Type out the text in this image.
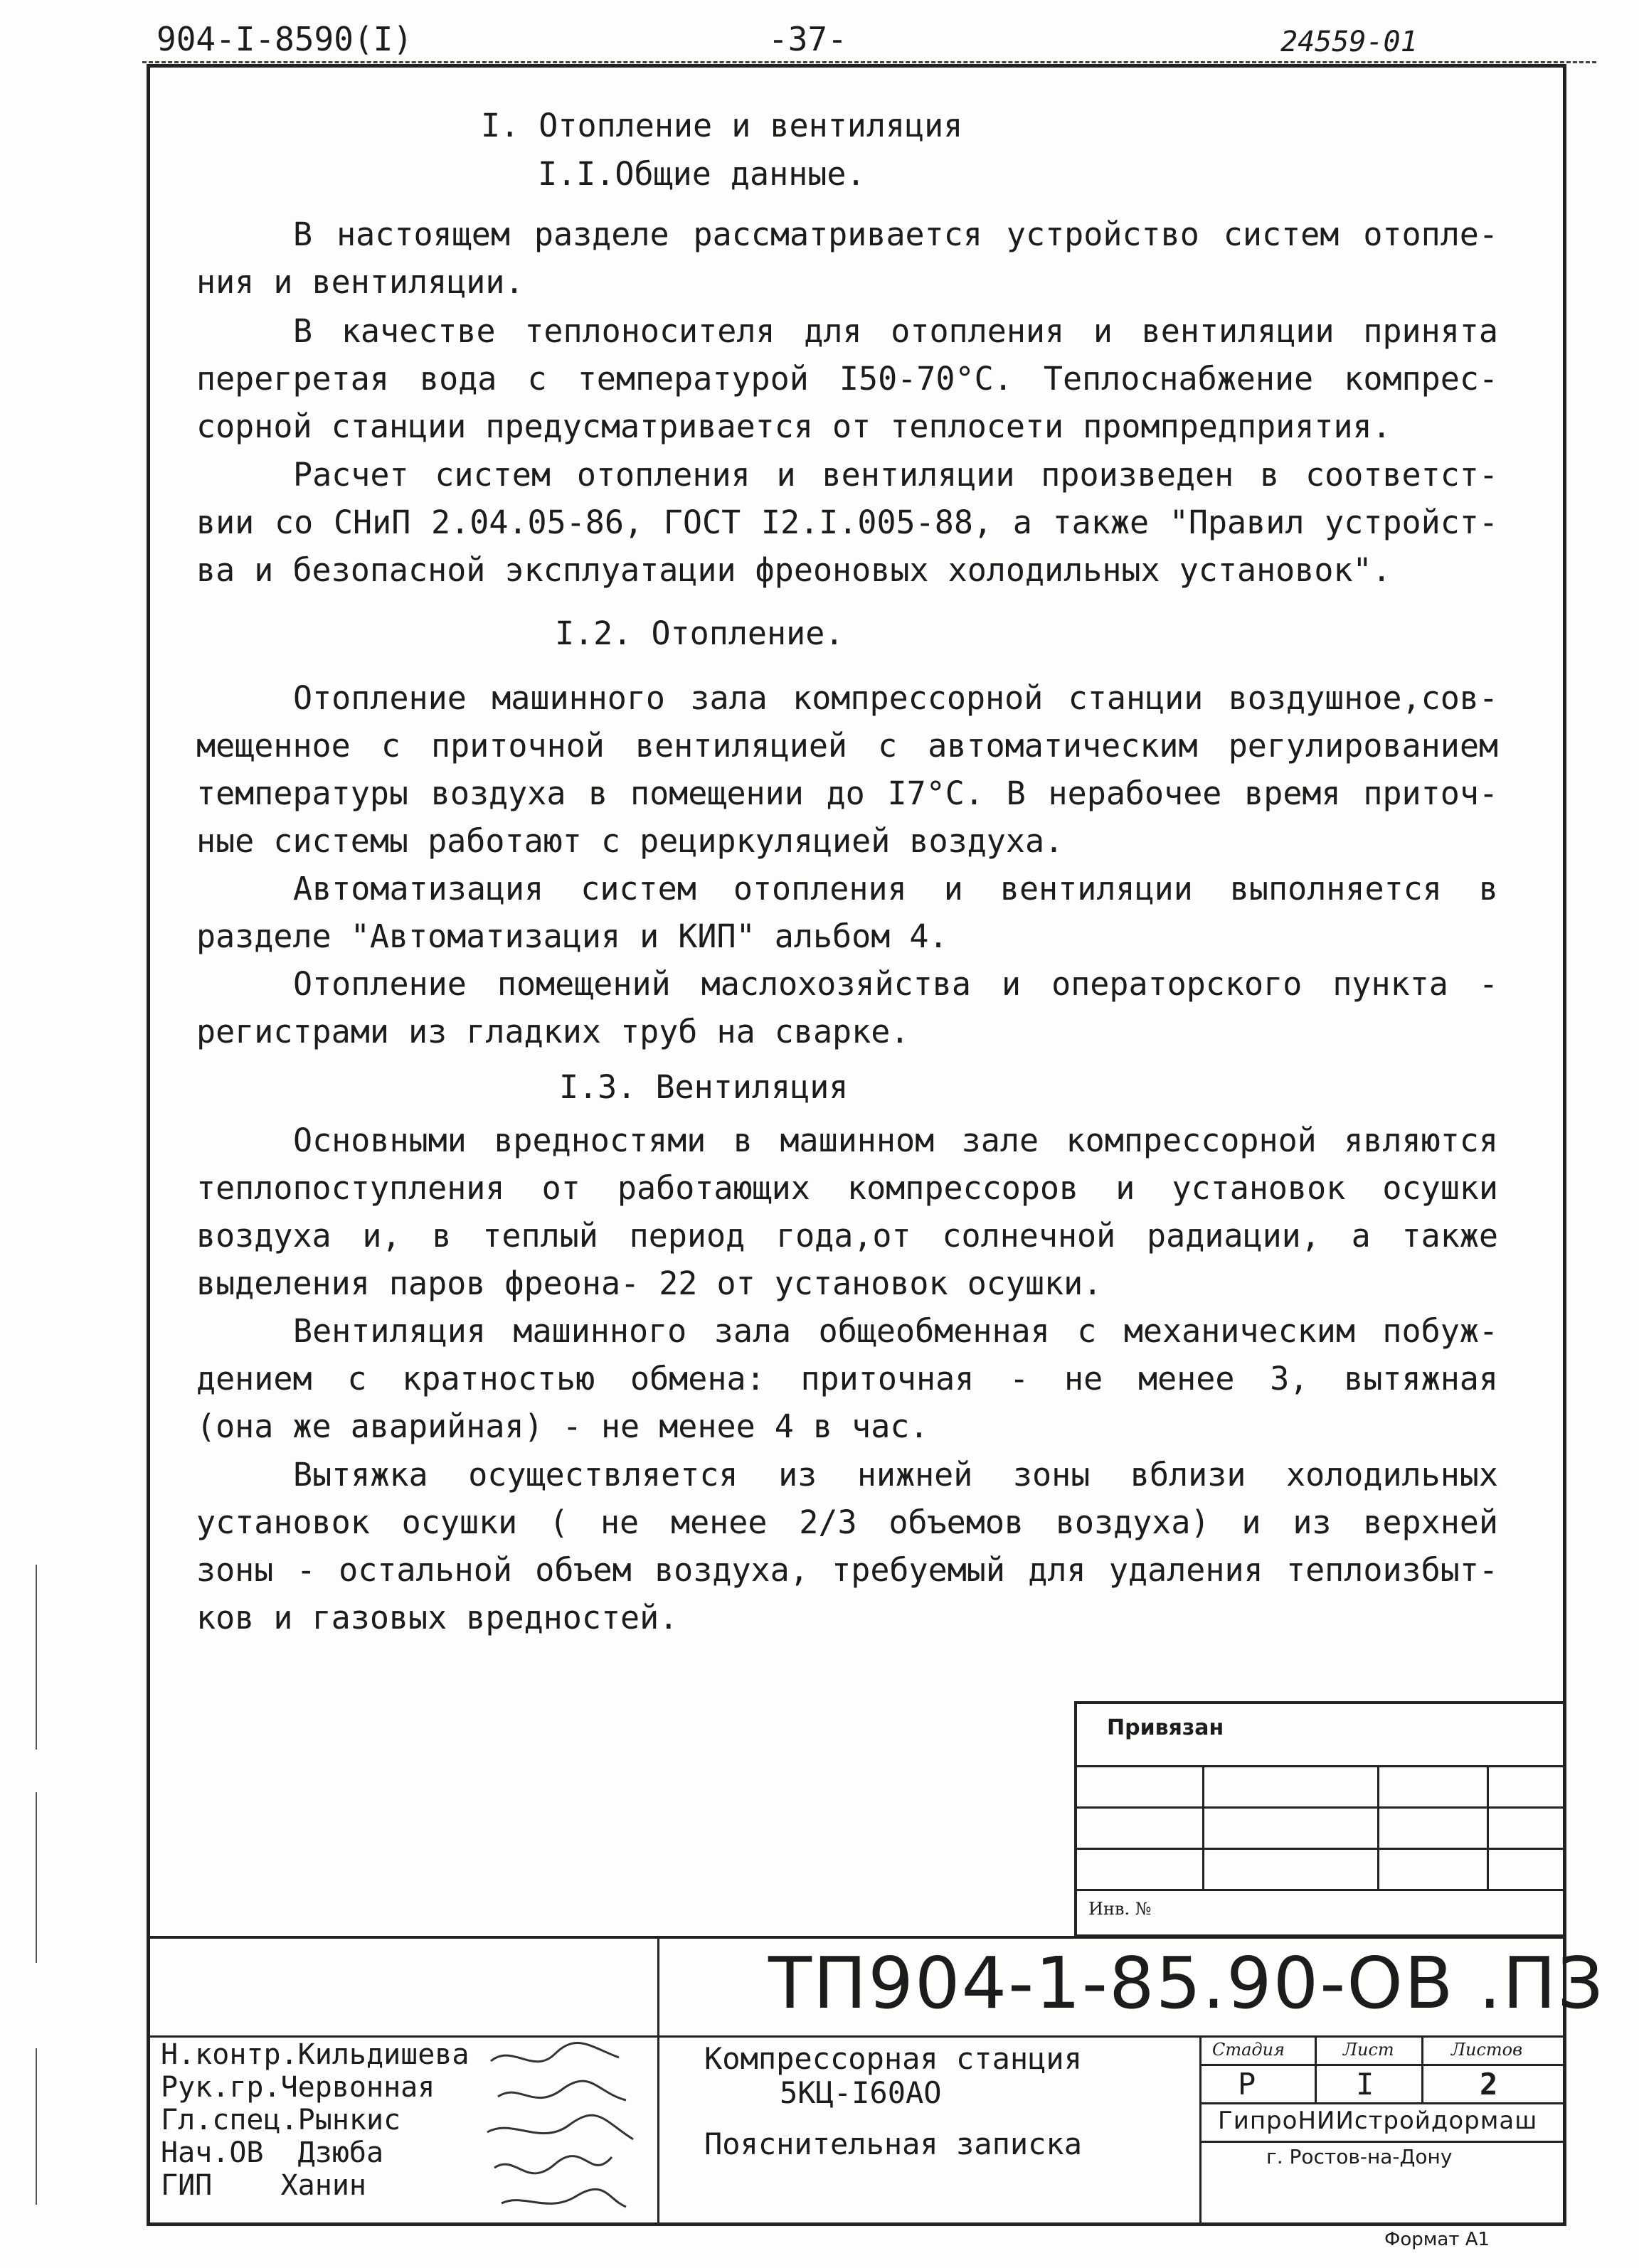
904-I-8590(I)	-37-	24559-01
I. Отопление и вентиляция
I.I.Общие данные.
I.2. Отопление.
I.3. Вентиляция
В настоящем разделе рассматривается устройство систем отопле-
ния и вентиляции.
В качестве теплоносителя для отопления и вентиляции принята
перегретая вода с температурой I50-70°С. Теплоснабжение компрес-
сорной станции предусматривается от теплосети промпредприятия.
Расчет систем отопления и вентиляции произведен в соответст-
вии со СНиП 2.04.05-86, ГОСТ I2.I.005-88, а также "Правил устройст-
ва и безопасной эксплуатации фреоновых холодильных установок".
Отопление машинного зала компрессорной станции воздушное,сов-
мещенное с приточной вентиляцией с автоматическим регулированием
температуры воздуха в помещении до I7°С. В нерабочее время приточ-
ные системы работают с рециркуляцией воздуха.
Автоматизация систем отопления и вентиляции выполняется в
разделе "Автоматизация и КИП" альбом 4.
Отопление помещений маслохозяйства и операторского пункта -
регистрами из гладких труб на сварке.
Основными вредностями в машинном зале компрессорной являются
теплопоступления от работающих компрессоров и установок осушки
воздуха и, в теплый период года,от солнечной радиации, а также
выделения паров фреона- 22 от установок осушки.
Вентиляция машинного зала общеобменная с механическим побуж-
дением с кратностью обмена: приточная - не менее 3, вытяжная
(она же аварийная) - не менее 4 в час.
Вытяжка осуществляется из нижней зоны вблизи холодильных
установок осушки ( не менее 2/3 объемов воздуха) и из верхней
зоны - остальной объем воздуха, требуемый для удаления теплоизбыт-
ков и газовых вредностей.
Привязан
Инв. №
Н.контр.Кильдишева
Рук.гр.Червонная
Гл.спец.Рынкис
Нач.ОВ Дзюба
ГИП Ханин
ТП904-1-85.90-ОВ .ПЗ
Компрессорная станция
5КЦ-I60АО
Пояснительная записка
Стадия	Лист	Листов
Р	I	2
ГипроНИИстройдормаш
г. Ростов-на-Дону
Формат А1
